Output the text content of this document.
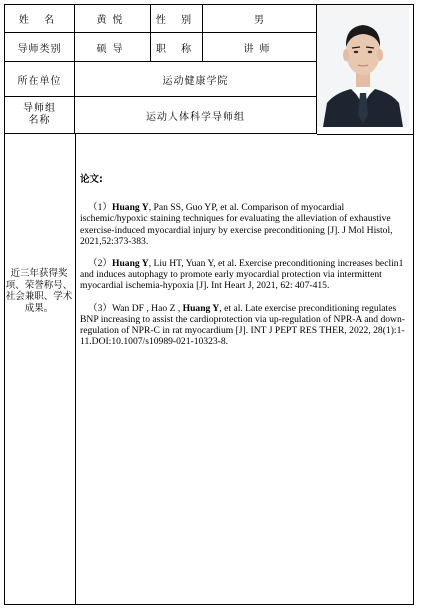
姓 名	黄悦	性 别	男
导师类别	硕导	职 称	讲师
所在单位	运动健康学院
导师组
名称	运动人体科学导师组
近三年获得奖项、荣誉称号、社会兼职、学术成果。

论文:

（1）Huang Y, Pan SS, Guo YP, et al. Comparison of myocardial ischemic/hypoxic staining techniques for evaluating the alleviation of exhaustive exercise-induced myocardial injury by exercise preconditioning [J]. J Mol Histol, 2021,52:373-383.

（2）Huang Y, Liu HT, Yuan Y, et al. Exercise preconditioning increases beclin1 and induces autophagy to promote early myocardial protection via intermittent myocardial ischemia-hypoxia [J]. Int Heart J, 2021, 62: 407-415.

（3）Wan DF , Hao Z , Huang Y, et al. Late exercise preconditioning regulates BNP increasing to assist the cardioprotection via up-regulation of NPR-A and down-regulation of NPR-C in rat myocardium [J]. INT J PEPT RES THER, 2022, 28(1):1-11.DOI:10.1007/s10989-021-10323-8.
